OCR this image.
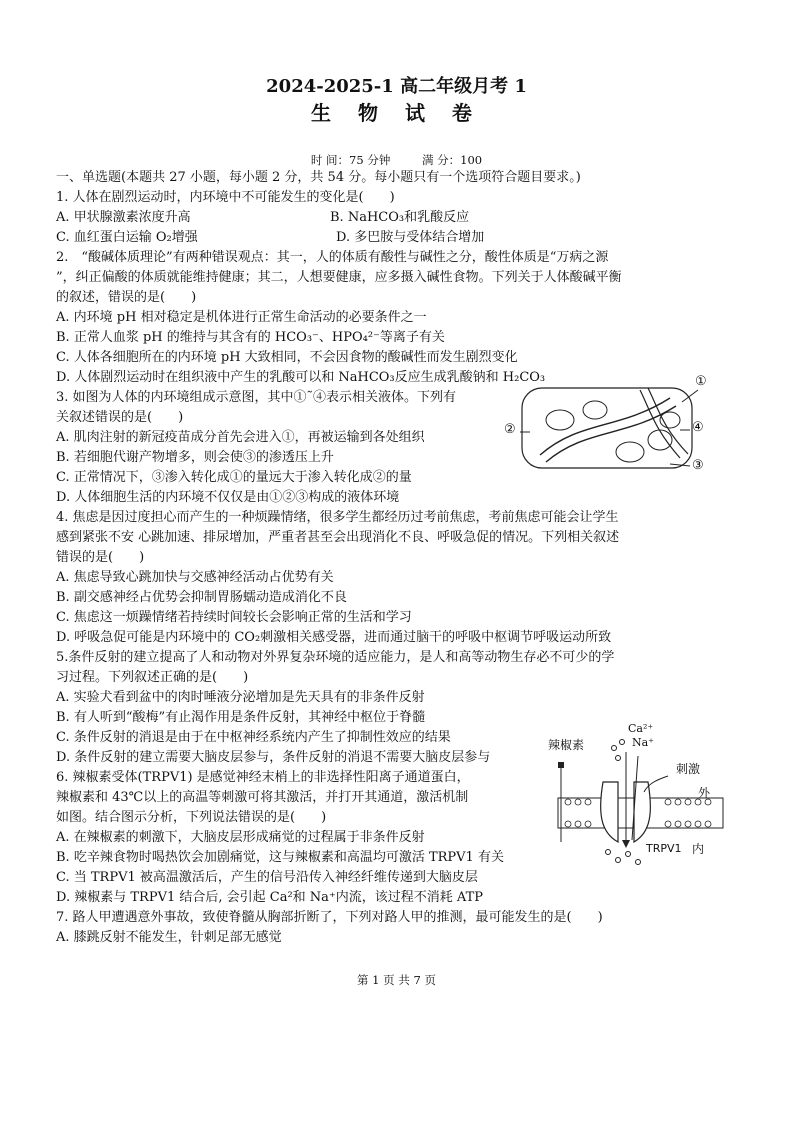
2024-2025-1 高二年级月考 1
生 物 试 卷
时 间：75 分钟	满 分：100
一、单选题(本题共 27 小题，每小题 2 分，共 54 分。每小题只有一个选项符合题目要求。)
1. 人体在剧烈运动时，内环境中不可能发生的变化是(　　)
A. 甲状腺激素浓度升高	B. NaHCO₃和乳酸反应
C. 血红蛋白运输 O₂增强	D. 多巴胺与受体结合增加
2.　“酸碱体质理论”有两种错误观点：其一，人的体质有酸性与碱性之分，酸性体质是“万病之源
”，纠正偏酸的体质就能维持健康；其二，人想要健康，应多摄入碱性食物。下列关于人体酸碱平衡
的叙述，错误的是(　　)
A. 内环境 pH 相对稳定是机体进行正常生命活动的必要条件之一
B. 正常人血浆 pH 的维持与其含有的 HCO₃⁻、HPO₄²⁻等离子有关
C. 人体各细胞所在的内环境 pH 大致相同，不会因食物的酸碱性而发生剧烈变化
D. 人体剧烈运动时在组织液中产生的乳酸可以和 NaHCO₃反应生成乳酸钠和 H₂CO₃
3. 如图为人体的内环境组成示意图，其中①˜④表示相关液体。下列有
关叙述错误的是(　　)
A. 肌肉注射的新冠疫苗成分首先会进入①，再被运输到各处组织
B. 若细胞代谢产物增多，则会使③的渗透压上升
C. 正常情况下，③渗入转化成①的量远大于渗入转化成②的量
D. 人体细胞生活的内环境不仅仅是由①②③构成的液体环境
4. 焦虑是因过度担心而产生的一种烦躁情绪，很多学生都经历过考前焦虑，考前焦虑可能会让学生
感到紧张不安 心跳加速、排尿增加，严重者甚至会出现消化不良、呼吸急促的情况。下列相关叙述
错误的是(　　)
A. 焦虑导致心跳加快与交感神经活动占优势有关
B. 副交感神经占优势会抑制胃肠蠕动造成消化不良
C. 焦虑这一烦躁情绪若持续时间较长会影响正常的生活和学习
D. 呼吸急促可能是内环境中的 CO₂刺激相关感受器，进而通过脑干的呼吸中枢调节呼吸运动所致
5.条件反射的建立提高了人和动物对外界复杂环境的适应能力，是人和高等动物生存必不可少的学
习过程。下列叙述正确的是(　　)
A. 实验犬看到盆中的肉时唾液分泌增加是先天具有的非条件反射
B. 有人听到“酸梅”有止渴作用是条件反射，其神经中枢位于脊髓
C. 条件反射的消退是由于在中枢神经系统内产生了抑制性效应的结果
D. 条件反射的建立需要大脑皮层参与，条件反射的消退不需要大脑皮层参与
6. 辣椒素受体(TRPV1) 是感觉神经末梢上的非选择性阳离子通道蛋白，
辣椒素和 43℃以上的高温等刺激可将其激活，并打开其通道，激活机制
如图。结合图示分析，下列说法错误的是(　　)
A. 在辣椒素的刺激下，大脑皮层形成痛觉的过程属于非条件反射
B. 吃辛辣食物时喝热饮会加剧痛觉，这与辣椒素和高温均可激活 TRPV1 有关
C. 当 TRPV1 被高温激活后，产生的信号沿传入神经纤维传递到大脑皮层
D. 辣椒素与 TRPV1 结合后, 会引起 Ca²和 Na⁺内流，该过程不消耗 ATP
7. 路人甲遭遇意外事故，致使脊髓从胸部折断了，下列对路人甲的推测，最可能发生的是(　　)
A. 膝跳反射不能发生，针刺足部无感觉
①
④
③
②
辣椒素
Ca²⁺
Na⁺
刺激
外
TRPV1 内
第 1 页 共 7 页
